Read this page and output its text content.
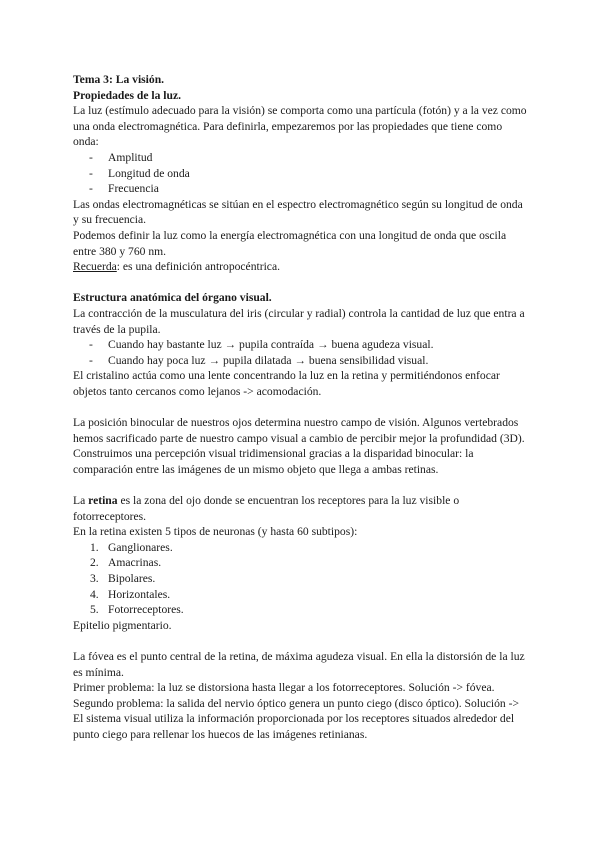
Tema 3: La visión.

Propiedades de la luz.

La luz (estímulo adecuado para la visión) se comporta como una partícula (fotón) y a la vez como una onda electromagnética. Para definirla, empezaremos por las propiedades que tiene como onda:

- Amplitud
- Longitud de onda
- Frecuencia

Las ondas electromagnéticas se sitúan en el espectro electromagnético según su longitud de onda y su frecuencia.

Podemos definir la luz como la energía electromagnética con una longitud de onda que oscila entre 380 y 760 nm.

Recuerda: es una definición antropocéntrica.

Estructura anatómica del órgano visual.

La contracción de la musculatura del iris (circular y radial) controla la cantidad de luz que entra a través de la pupila.

- Cuando hay bastante luz → pupila contraída → buena agudeza visual.
- Cuando hay poca luz → pupila dilatada → buena sensibilidad visual.

El cristalino actúa como una lente concentrando la luz en la retina y permitiéndonos enfocar objetos tanto cercanos como lejanos -> acomodación.

La posición binocular de nuestros ojos determina nuestro campo de visión. Algunos vertebrados hemos sacrificado parte de nuestro campo visual a cambio de percibir mejor la profundidad (3D).

Construimos una percepción visual tridimensional gracias a la disparidad binocular: la comparación entre las imágenes de un mismo objeto que llega a ambas retinas.

La retina es la zona del ojo donde se encuentran los receptores para la luz visible o fotorreceptores.

En la retina existen 5 tipos de neuronas (y hasta 60 subtipos):

1. Ganglionares.
2. Amacrinas.
3. Bipolares.
4. Horizontales.
5. Fotorreceptores.

Epitelio pigmentario.

La fóvea es el punto central de la retina, de máxima agudeza visual. En ella la distorsión de la luz es mínima.

Primer problema: la luz se distorsiona hasta llegar a los fotorreceptores. Solución -> fóvea.

Segundo problema: la salida del nervio óptico genera un punto ciego (disco óptico). Solución -> El sistema visual utiliza la información proporcionada por los receptores situados alrededor del punto ciego para rellenar los huecos de las imágenes retinianas.
